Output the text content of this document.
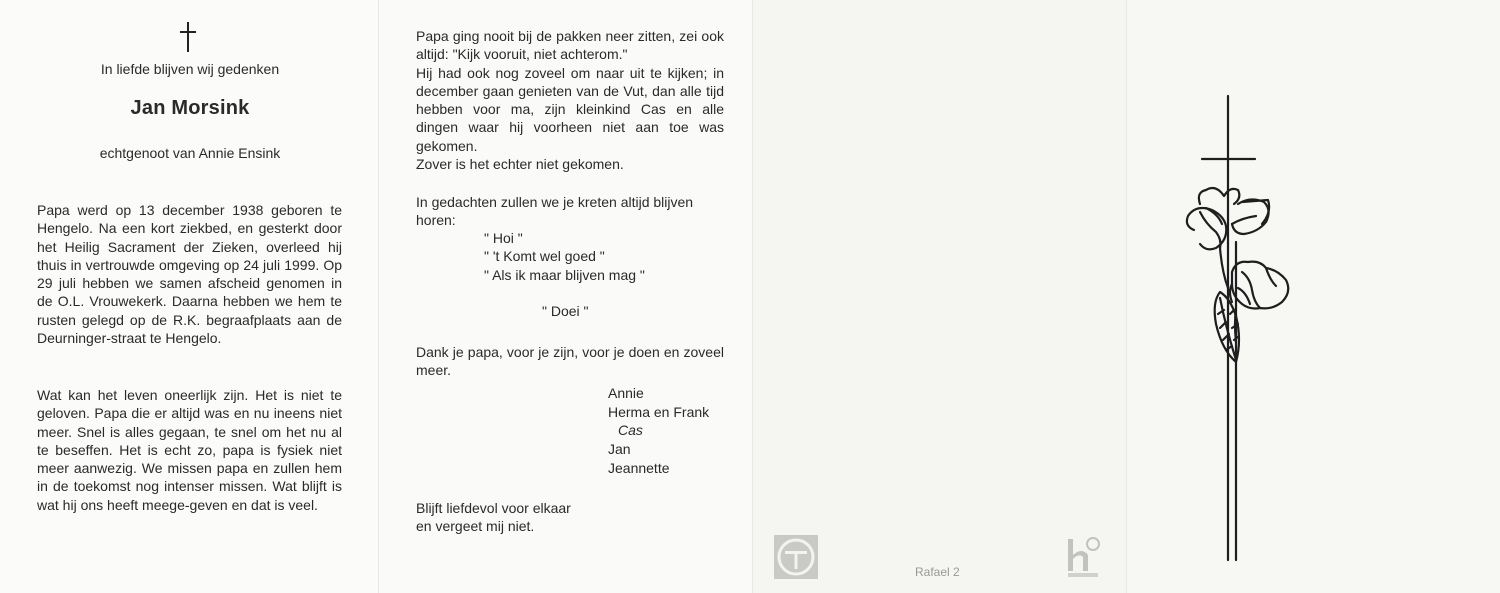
In liefde blijven wij gedenken
Jan Morsink
echtgenoot van Annie Ensink

Papa werd op 13 december 1938 geboren te Hengelo. Na een kort ziekbed, en gesterkt door het Heilig Sacrament der Zieken, overleed hij thuis in vertrouwde omgeving op 24 juli 1999. Op 29 juli hebben we samen afscheid genomen in de O.L. Vrouwekerk. Daarna hebben we hem te rusten gelegd op de R.K. begraafplaats aan de Deurninger-straat te Hengelo.

Wat kan het leven oneerlijk zijn. Het is niet te geloven. Papa die er altijd was en nu ineens niet meer. Snel is alles gegaan, te snel om het nu al te beseffen. Het is echt zo, papa is fysiek niet meer aanwezig. We missen papa en zullen hem in de toekomst nog intenser missen. Wat blijft is wat hij ons heeft meege-geven en dat is veel.

Papa ging nooit bij de pakken neer zitten, zei ook altijd: "Kijk vooruit, niet achterom."

Hij had ook nog zoveel om naar uit te kijken; in december gaan genieten van de Vut, dan alle tijd hebben voor ma, zijn kleinkind Cas en alle dingen waar hij voorheen niet aan toe was gekomen.

Zover is het echter niet gekomen.

In gedachten zullen we je kreten altijd blijven horen:

" Hoi "
" 't Komt wel goed "
" Als ik maar blijven mag "
" Doei "

Dank je papa, voor je zijn, voor je doen en zoveel meer.

Annie
Herma en Frank
Cas
Jan
Jeannette

Blijft liefdevol voor elkaar

en vergeet mij niet.

Rafael 2
